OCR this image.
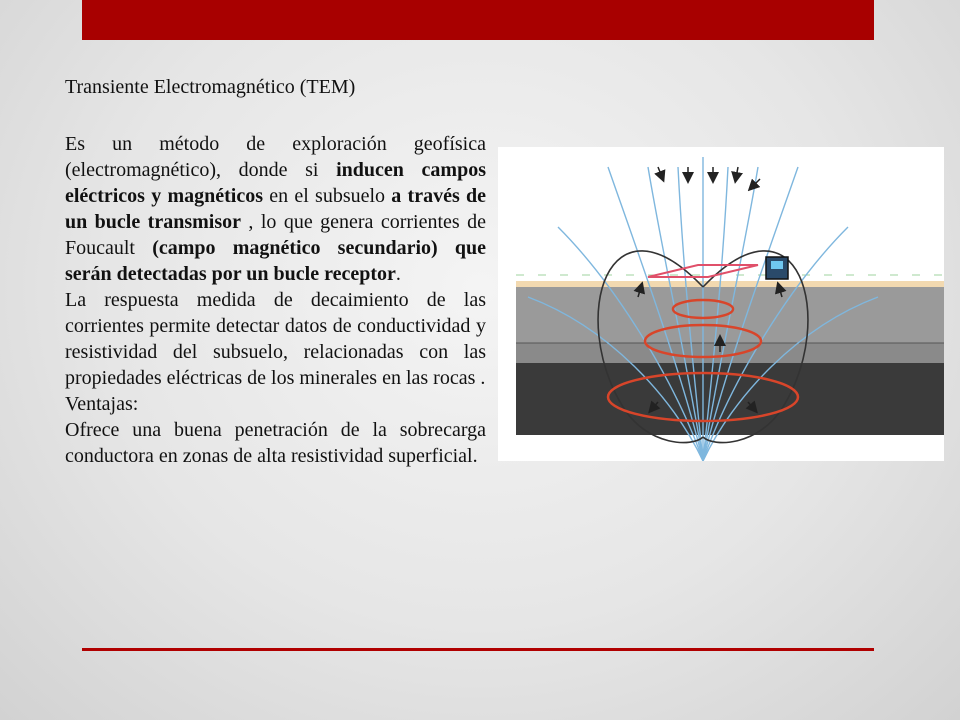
Transiente Electromagnético (TEM)

Es un método de exploración geofísica (electromagnético), donde si inducen campos eléctricos y magnéticos en el subsuelo a través de un bucle transmisor , lo que genera corrientes de Foucault (campo magnético secundario) que serán detectadas por un bucle receptor.

La respuesta medida de decaimiento de las corrientes permite detectar datos de conductividad y resistividad del subsuelo, relacionadas con las propiedades eléctricas de los minerales en las rocas .

Ventajas:

Ofrece una buena penetración de la sobrecarga conductora en zonas de alta resistividad superficial.
